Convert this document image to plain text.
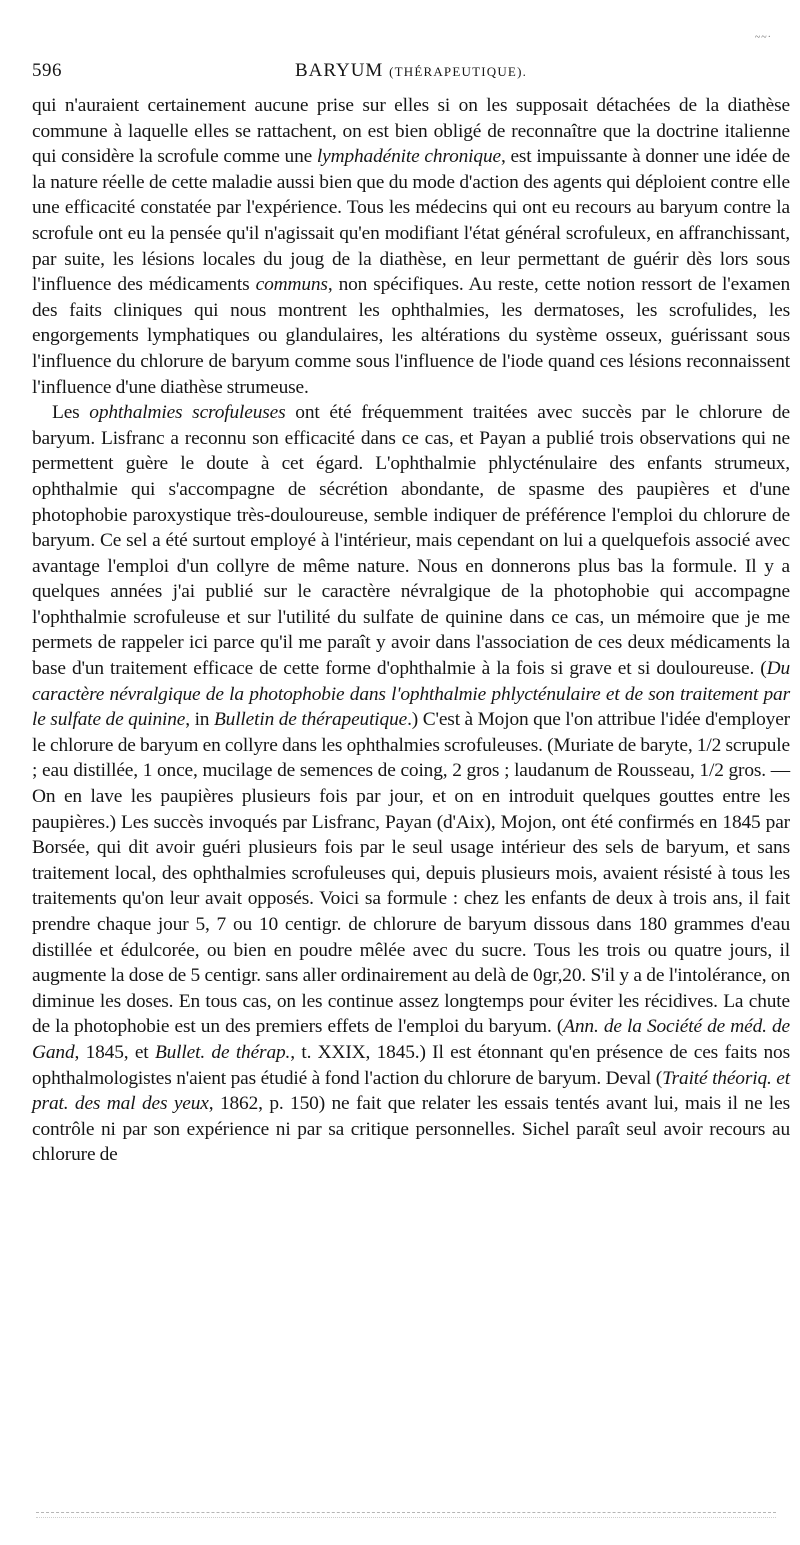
~~·
596	BARYUM (THÉRAPEUTIQUE).

qui n'auraient certainement aucune prise sur elles si on les supposait détachées de la diathèse commune à laquelle elles se rattachent, on est bien obligé de reconnaître que la doctrine italienne qui considère la scrofule comme une lymphadénite chronique, est impuissante à donner une idée de la nature réelle de cette maladie aussi bien que du mode d'action des agents qui déploient contre elle une efficacité constatée par l'expérience. Tous les médecins qui ont eu recours au baryum contre la scrofule ont eu la pensée qu'il n'agissait qu'en modifiant l'état général scrofuleux, en affranchissant, par suite, les lésions locales du joug de la diathèse, en leur permettant de guérir dès lors sous l'influence des médicaments communs, non spécifiques. Au reste, cette notion ressort de l'examen des faits cliniques qui nous montrent les ophthalmies, les dermatoses, les scrofulides, les engorgements lymphatiques ou glandulaires, les altérations du système osseux, guérissant sous l'influence du chlorure de baryum comme sous l'influence de l'iode quand ces lésions reconnaissent l'influence d'une diathèse strumeuse.

Les ophthalmies scrofuleuses ont été fréquemment traitées avec succès par le chlorure de baryum. Lisfranc a reconnu son efficacité dans ce cas, et Payan a publié trois observations qui ne permettent guère le doute à cet égard. L'ophthalmie phlycténulaire des enfants strumeux, ophthalmie qui s'accompagne de sécrétion abondante, de spasme des paupières et d'une photophobie paroxystique très-douloureuse, semble indiquer de préférence l'emploi du chlorure de baryum. Ce sel a été surtout employé à l'intérieur, mais cependant on lui a quelquefois associé avec avantage l'emploi d'un collyre de même nature. Nous en donnerons plus bas la formule. Il y a quelques années j'ai publié sur le caractère névralgique de la photophobie qui accompagne l'ophthalmie scrofuleuse et sur l'utilité du sulfate de quinine dans ce cas, un mémoire que je me permets de rappeler ici parce qu'il me paraît y avoir dans l'association de ces deux médicaments la base d'un traitement efficace de cette forme d'ophthalmie à la fois si grave et si douloureuse. (Du caractère névralgique de la photophobie dans l'ophthalmie phlycténulaire et de son traitement par le sulfate de quinine, in Bulletin de thérapeutique.) C'est à Mojon que l'on attribue l'idée d'employer le chlorure de baryum en collyre dans les ophthalmies scrofuleuses. (Muriate de baryte, 1/2 scrupule ; eau distillée, 1 once, mucilage de semences de coing, 2 gros ; laudanum de Rousseau, 1/2 gros. — On en lave les paupières plusieurs fois par jour, et on en introduit quelques gouttes entre les paupières.) Les succès invoqués par Lisfranc, Payan (d'Aix), Mojon, ont été confirmés en 1845 par Borsée, qui dit avoir guéri plusieurs fois par le seul usage intérieur des sels de baryum, et sans traitement local, des ophthalmies scrofuleuses qui, depuis plusieurs mois, avaient résisté à tous les traitements qu'on leur avait opposés. Voici sa formule : chez les enfants de deux à trois ans, il fait prendre chaque jour 5, 7 ou 10 centigr. de chlorure de baryum dissous dans 180 grammes d'eau distillée et édulcorée, ou bien en poudre mêlée avec du sucre. Tous les trois ou quatre jours, il augmente la dose de 5 centigr. sans aller ordinairement au delà de 0gr,20. S'il y a de l'intolérance, on diminue les doses. En tous cas, on les continue assez longtemps pour éviter les récidives. La chute de la photophobie est un des premiers effets de l'emploi du baryum. (Ann. de la Société de méd. de Gand, 1845, et Bullet. de thérap., t. XXIX, 1845.) Il est étonnant qu'en présence de ces faits nos ophthalmologistes n'aient pas étudié à fond l'action du chlorure de baryum. Deval (Traité théoriq. et prat. des mal des yeux, 1862, p. 150) ne fait que relater les essais tentés avant lui, mais il ne les contrôle ni par son expérience ni par sa critique personnelles. Sichel paraît seul avoir recours au chlorure de
